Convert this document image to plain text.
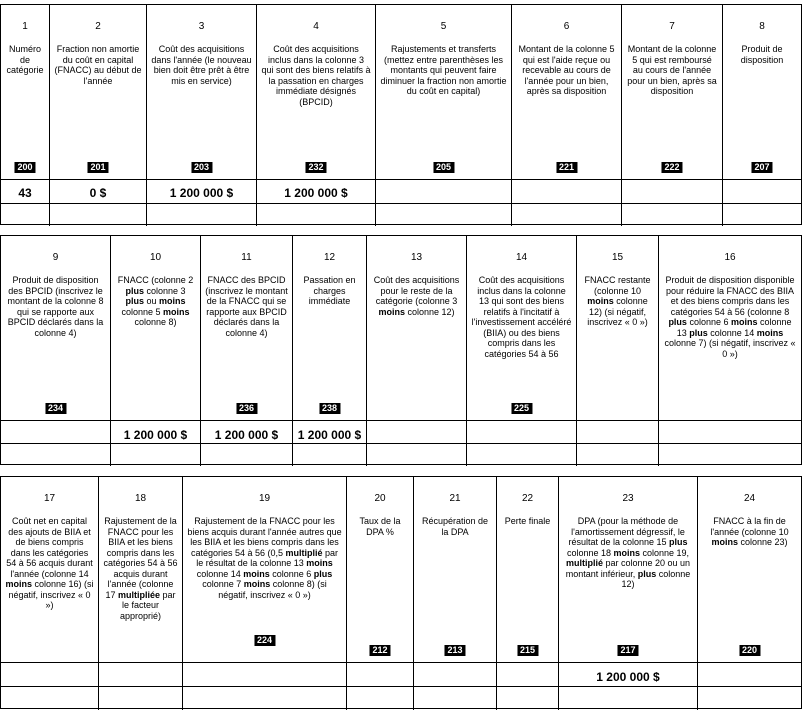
1
Numéro de catégorie
200
43
2
Fraction non amortie du coût en capital (FNACC) au début de l'année
201
0 $
3
Coût des acquisitions dans l'année (le nouveau bien doit être prêt à être mis en service)
203
1 200 000 $
4
Coût des acquisitions inclus dans la colonne 3 qui sont des biens relatifs à la passation en charges immédiate désignés (BPCID)
232
1 200 000 $
5
Rajustements et transferts (mettez entre parenthèses les montants qui peuvent faire diminuer la fraction non amortie du coût en capital)
205
6
Montant de la colonne 5 qui est l'aide reçue ou recevable au cours de l'année pour un bien, après sa disposition
221
7
Montant de la colonne 5 qui est remboursé au cours de l'année pour un bien, après sa disposition
222
8
Produit de disposition
207
9
Produit de disposition des BPCID (inscrivez le montant de la colonne 8 qui se rapporte aux BPCID déclarés dans la colonne 4)
234
10
FNACC (colonne 2 plus colonne 3 plus ou moins colonne 5 moins colonne 8)
1 200 000 $
11
FNACC des BPCID (inscrivez le montant de la FNACC qui se rapporte aux BPCID déclarés dans la colonne 4)
236
1 200 000 $
12
Passation en charges immédiate
238
1 200 000 $
13
Coût des acquisitions pour le reste de la catégorie (colonne 3 moins colonne 12)
14
Coût des acquisitions inclus dans la colonne 13 qui sont des biens relatifs à l'incitatif à l'investissement accéléré (BIIA) ou des biens compris dans les catégories 54 à 56
225
15
FNACC restante (colonne 10 moins colonne 12) (si négatif, inscrivez « 0 »)
16
Produit de disposition disponible pour réduire la FNACC des BIIA et des biens compris dans les catégories 54 à 56 (colonne 8 plus colonne 6 moins colonne 13 plus colonne 14 moins colonne 7) (si négatif, inscrivez « 0 »)
17
Coût net en capital des ajouts de BIIA et de biens compris dans les catégories 54 à 56 acquis durant l'année (colonne 14 moins colonne 16) (si négatif, inscrivez « 0 »)
18
Rajustement de la FNACC pour les BIIA et les biens compris dans les catégories 54 à 56 acquis durant l'année (colonne 17 multipliée par le facteur approprié)
19
Rajustement de la FNACC pour les biens acquis durant l'année autres que les BIIA et les biens compris dans les catégories 54 à 56 (0,5 multiplié par le résultat de la colonne 13 moins colonne 14 moins colonne 6 plus colonne 7 moins colonne 8) (si négatif, inscrivez « 0 »)
224
20
Taux de la DPA %
212
21
Récupération de la DPA
213
22
Perte finale
215
23
DPA (pour la méthode de l'amortissement dégressif, le résultat de la colonne 15 plus colonne 18 moins colonne 19, multiplié par colonne 20 ou un montant inférieur, plus colonne 12)
217
1 200 000 $
24
FNACC à la fin de l'année (colonne 10 moins colonne 23)
220
